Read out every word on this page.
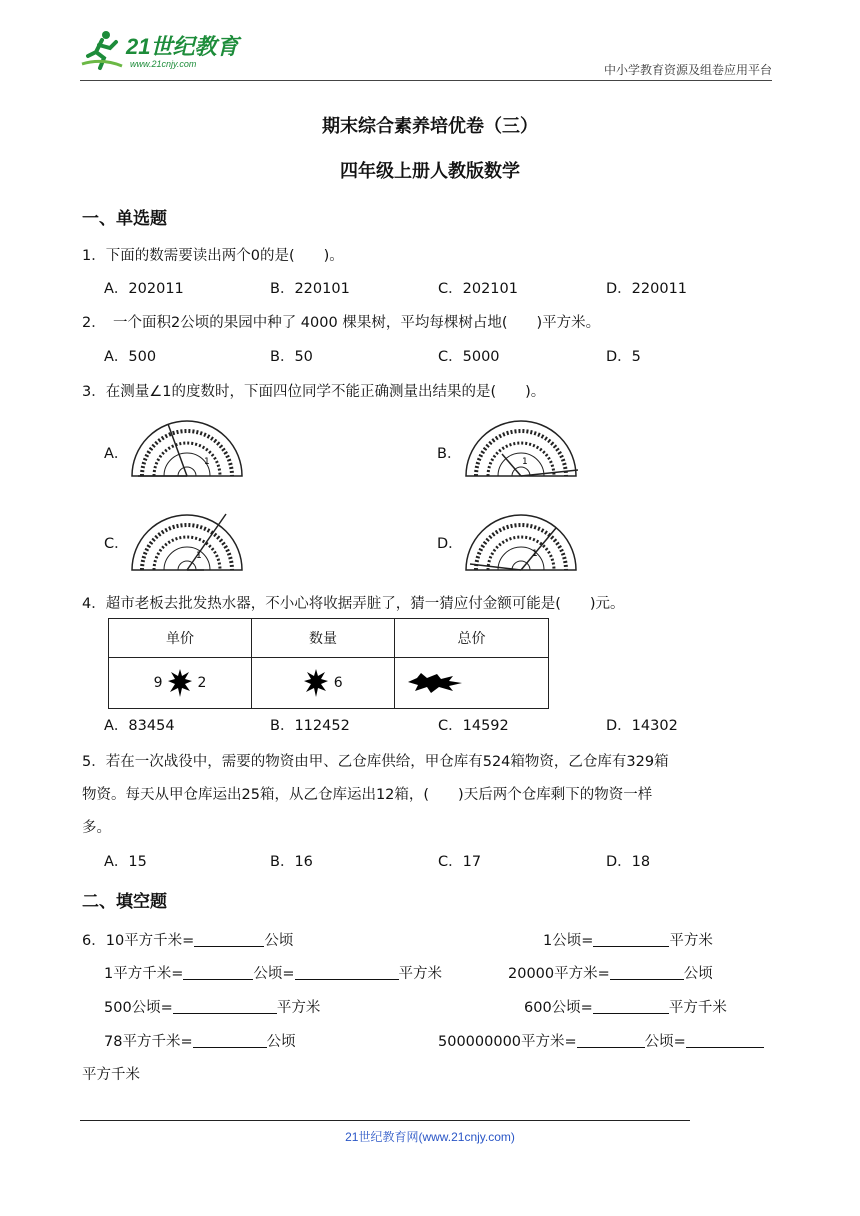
21世纪教育
www.21cnjy.com	中小学教育资源及组卷应用平台
期末综合素养培优卷（三）
四年级上册人教版数学
一、单选题
1．下面的数需要读出两个0的是(　　)。
A．202011	B．220101	C．202101	D．220011
2．　一个面积2公顷的果园中种了 4000 棵果树，平均每棵树占地(　　)平方米。
A．500	B．50	C．5000	D．5
3．在测量∠1的度数时，下面四位同学不能正确测量出结果的是(　　)。
A．	B．
C．	D．
1	1
1	1
4．超市老板去批发热水器，不小心将收据弄脏了，猜一猜应付金额可能是(　　)元。
单价	数量	总价
9 2	6	
A．83454	B．112452	C．14592	D．14302
5．若在一次战役中，需要的物资由甲、乙仓库供给，甲仓库有524箱物资，乙仓库有329箱
物资。每天从甲仓库运出25箱，从乙仓库运出12箱，(　　)天后两个仓库剩下的物资一样
多。
A．15	B．16	C．17	D．18
二、填空题
6．10平方千米=	公顷	1公顷=	平方米
1平方千米=	公顷=	平方米	20000平方米=	公顷
500公顷=	平方米	600公顷=	平方千米
78平方千米=	公顷	500000000平方米=	公顷=
平方千米
21世纪教育网(www.21cnjy.com)
